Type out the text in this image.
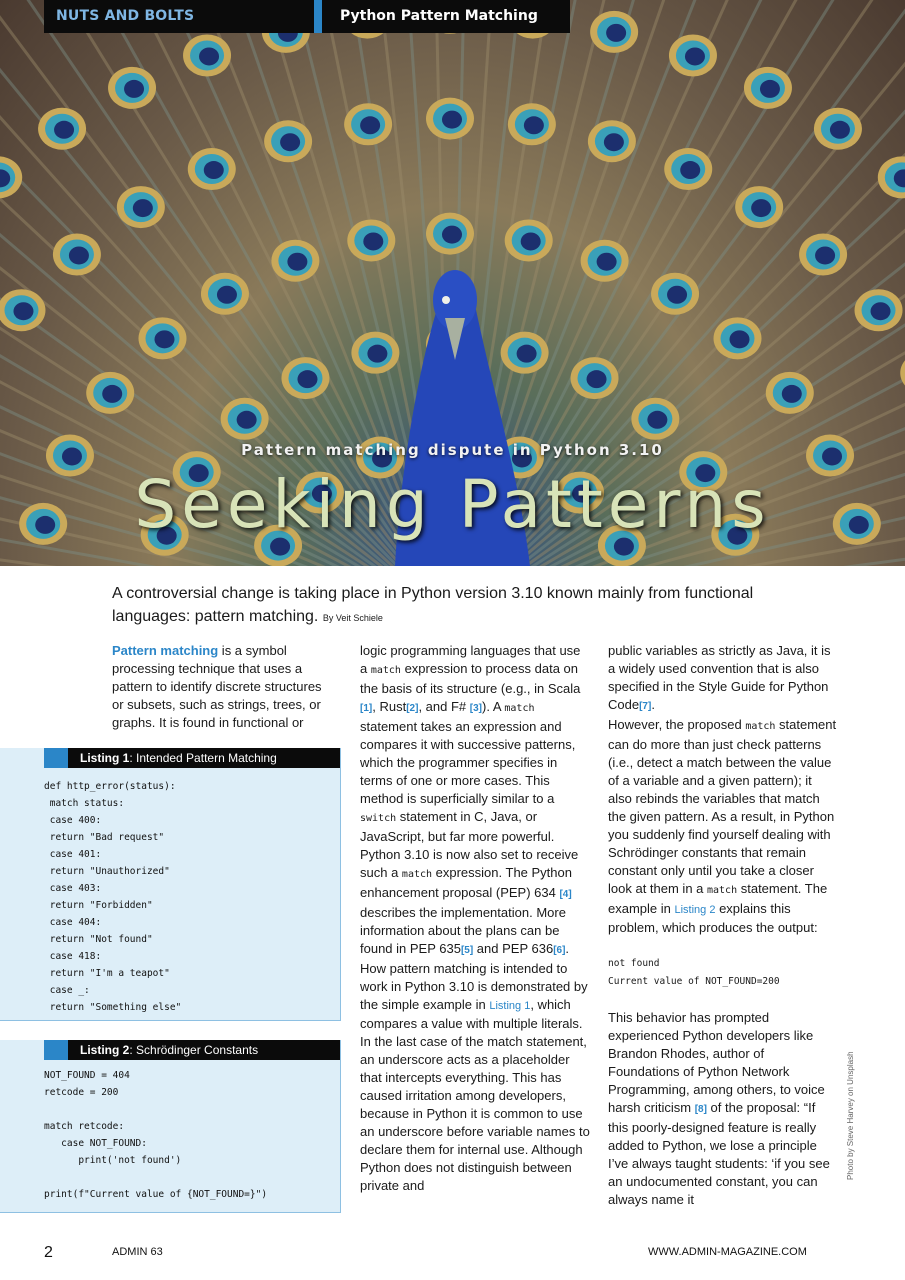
NUTS AND BOLTS	Python Pattern Matching
Pattern matching dispute in Python 3.10
Seeking Patterns
A controversial change is taking place in Python version 3.10 known mainly from functional languages: pattern matching. By Veit Schiele

Pattern matching is a symbol processing technique that uses a pattern to identify discrete structures or subsets, such as strings, trees, or graphs. It is found in functional or

Listing 1: Intended Pattern Matching
def http_error(status):
match status:
case 400:
return "Bad request"
case 401:
return "Unauthorized"
case 403:
return "Forbidden"
case 404:
return "Not found"
case 418:
return "I'm a teapot"
case _:
return "Something else"
Listing 2: Schrödinger Constants
NOT_FOUND = 404
retcode = 200

match retcode:
case NOT_FOUND:
print('not found')

print(f"Current value of {NOT_FOUND=}")

logic programming languages that use a match expression to process data on the basis of its structure (e.g., in Scala [1], Rust[2], and F# [3]). A match statement takes an expression and compares it with successive patterns, which the programmer specifies in terms of one or more cases. This method is superficially similar to a switch statement in C, Java, or JavaScript, but far more powerful.

Python 3.10 is now also set to receive such a match expression. The Python enhancement proposal (PEP) 634 [4] describes the implementation. More information about the plans can be found in PEP 635[5] and PEP 636[6]. How pattern matching is intended to work in Python 3.10 is demonstrated by the simple example in Listing 1, which compares a value with multiple literals.

In the last case of the match statement, an underscore acts as a placeholder that intercepts everything. This has caused irritation among developers, because in Python it is common to use an underscore before variable names to declare them for internal use. Although Python does not distinguish between private and

public variables as strictly as Java, it is a widely used convention that is also specified in the Style Guide for Python Code[7].

However, the proposed match statement can do more than just check patterns (i.e., detect a match between the value of a variable and a given pattern); it also rebinds the variables that match the given pattern. As a result, in Python you suddenly find yourself dealing with Schrödinger constants that remain constant only until you take a closer look at them in a match statement. The example in Listing 2 explains this problem, which produces the output:

not found
Current value of NOT_FOUND=200

This behavior has prompted experienced Python developers like Brandon Rhodes, author of Foundations of Python Network Programming, among others, to voice harsh criticism [8] of the proposal: “If this poorly-designed feature is really added to Python, we lose a principle I’ve always taught students: ‘if you see an undocumented constant, you can always name it

Photo by Steve Harvey on Unsplash
2	ADMIN 63	WWW.ADMIN-MAGAZINE.COM
